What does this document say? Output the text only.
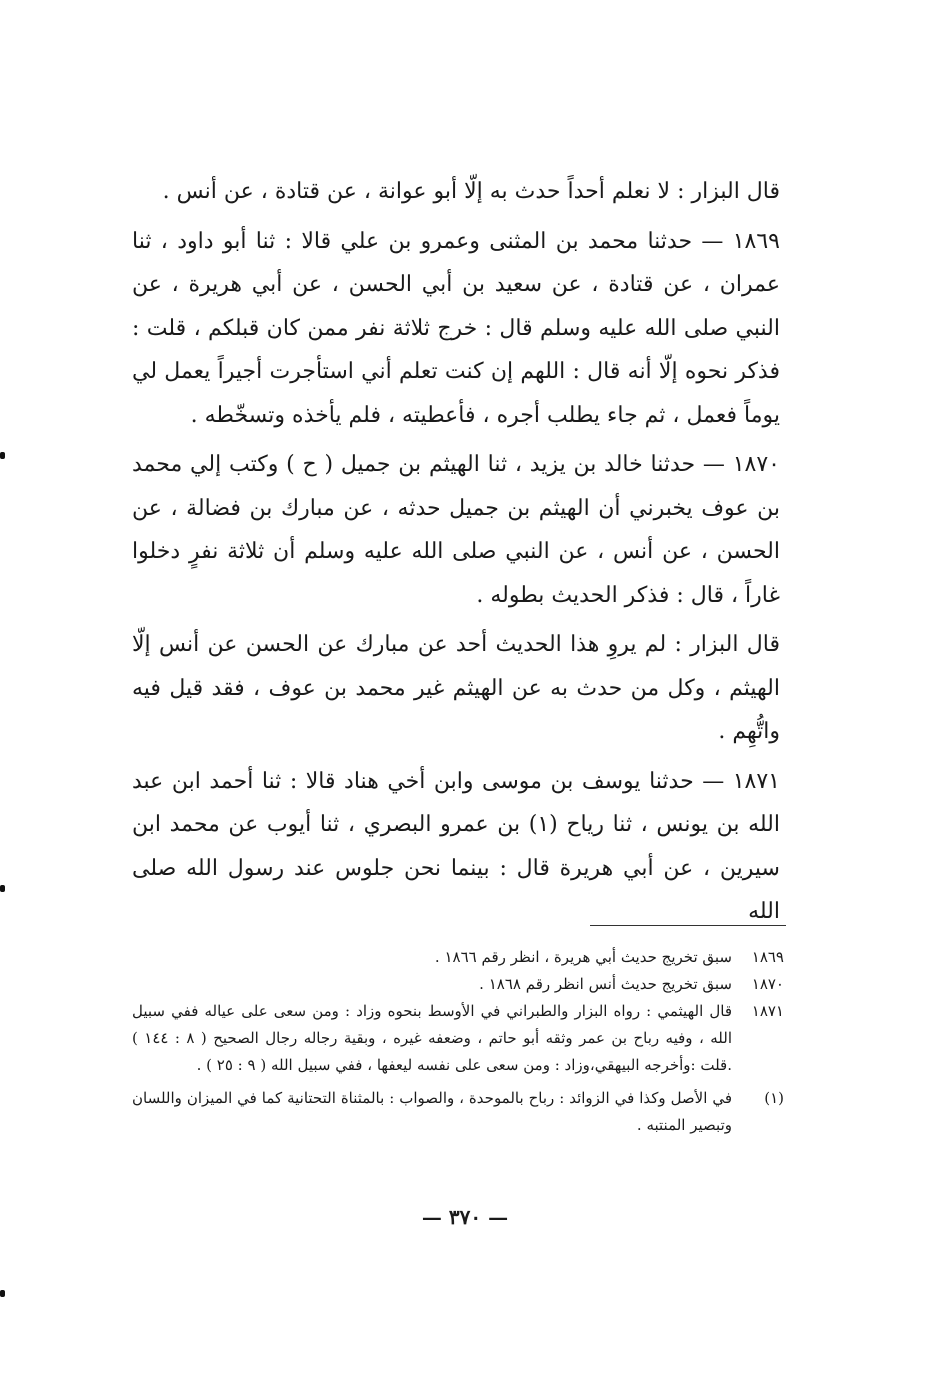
قال البزار : لا نعلم أحداً حدث به إلّا أبو عوانة ، عن قتادة ، عن أنس .

١٨٦٩ — حدثنا محمد بن المثنى وعمرو بن علي قالا : ثنا أبو داود ، ثنا عمران ، عن قتادة ، عن سعيد بن أبي الحسن ، عن أبي هريرة ، عن النبي صلى الله عليه وسلم قال : خرج ثلاثة نفر ممن كان قبلكم ، قلت : فذكر نحوه إلّا أنه قال : اللهم إن كنت تعلم أني استأجرت أجيراً يعمل لي يوماً فعمل ، ثم جاء يطلب أجره ، فأعطيته ، فلم يأخذه وتسخّطه .

١٨٧٠ — حدثنا خالد بن يزيد ، ثنا الهيثم بن جميل ( ح ) وكتب إلي محمد بن عوف يخبرني أن الهيثم بن جميل حدثه ، عن مبارك بن فضالة ، عن الحسن ، عن أنس ، عن النبي صلى الله عليه وسلم أن ثلاثة نفرٍ دخلوا غاراً ، قال : فذكر الحديث بطوله .

قال البزار : لم يروِ هذا الحديث أحد عن مبارك عن الحسن عن أنس إلّا الهيثم ، وكل من حدث به عن الهيثم غير محمد بن عوف ، فقد قيل فيه واتُّهِم .

١٨٧١ — حدثنا يوسف بن موسى وابن أخي هناد قالا : ثنا أحمد ابن عبد الله بن يونس ، ثنا رياح (١) بن عمرو البصري ، ثنا أيوب عن محمد ابن سيرين ، عن أبي هريرة قال : بينما نحن جلوس عند رسول الله صلى الله

١٨٦٩
سبق تخريج حديث أبي هريرة ، انظر رقم ١٨٦٦ .
١٨٧٠
سبق تخريج حديث أنس انظر رقم ١٨٦٨ .
١٨٧١
قال الهيثمي : رواه البزار والطبراني في الأوسط بنحوه وزاد : ومن سعى على عياله ففي سبيل الله ، وفيه رباح بن عمر وثقه أبو حاتم ، وضعفه غيره ، وبقية رجاله رجال الصحيح ( ٨ : ١٤٤ ) .قلت :وأخرجه البيهقي،وزاد : ومن سعى على نفسه ليعفها ، ففي سبيل الله ( ٩ : ٢٥ ) .
(١)
في الأصل وكذا في الزوائد : رباح بالموحدة ، والصواب : بالمثناة التحتانية كما في الميزان واللسان وتبصير المنتبه .
— ٣٧٠ —
